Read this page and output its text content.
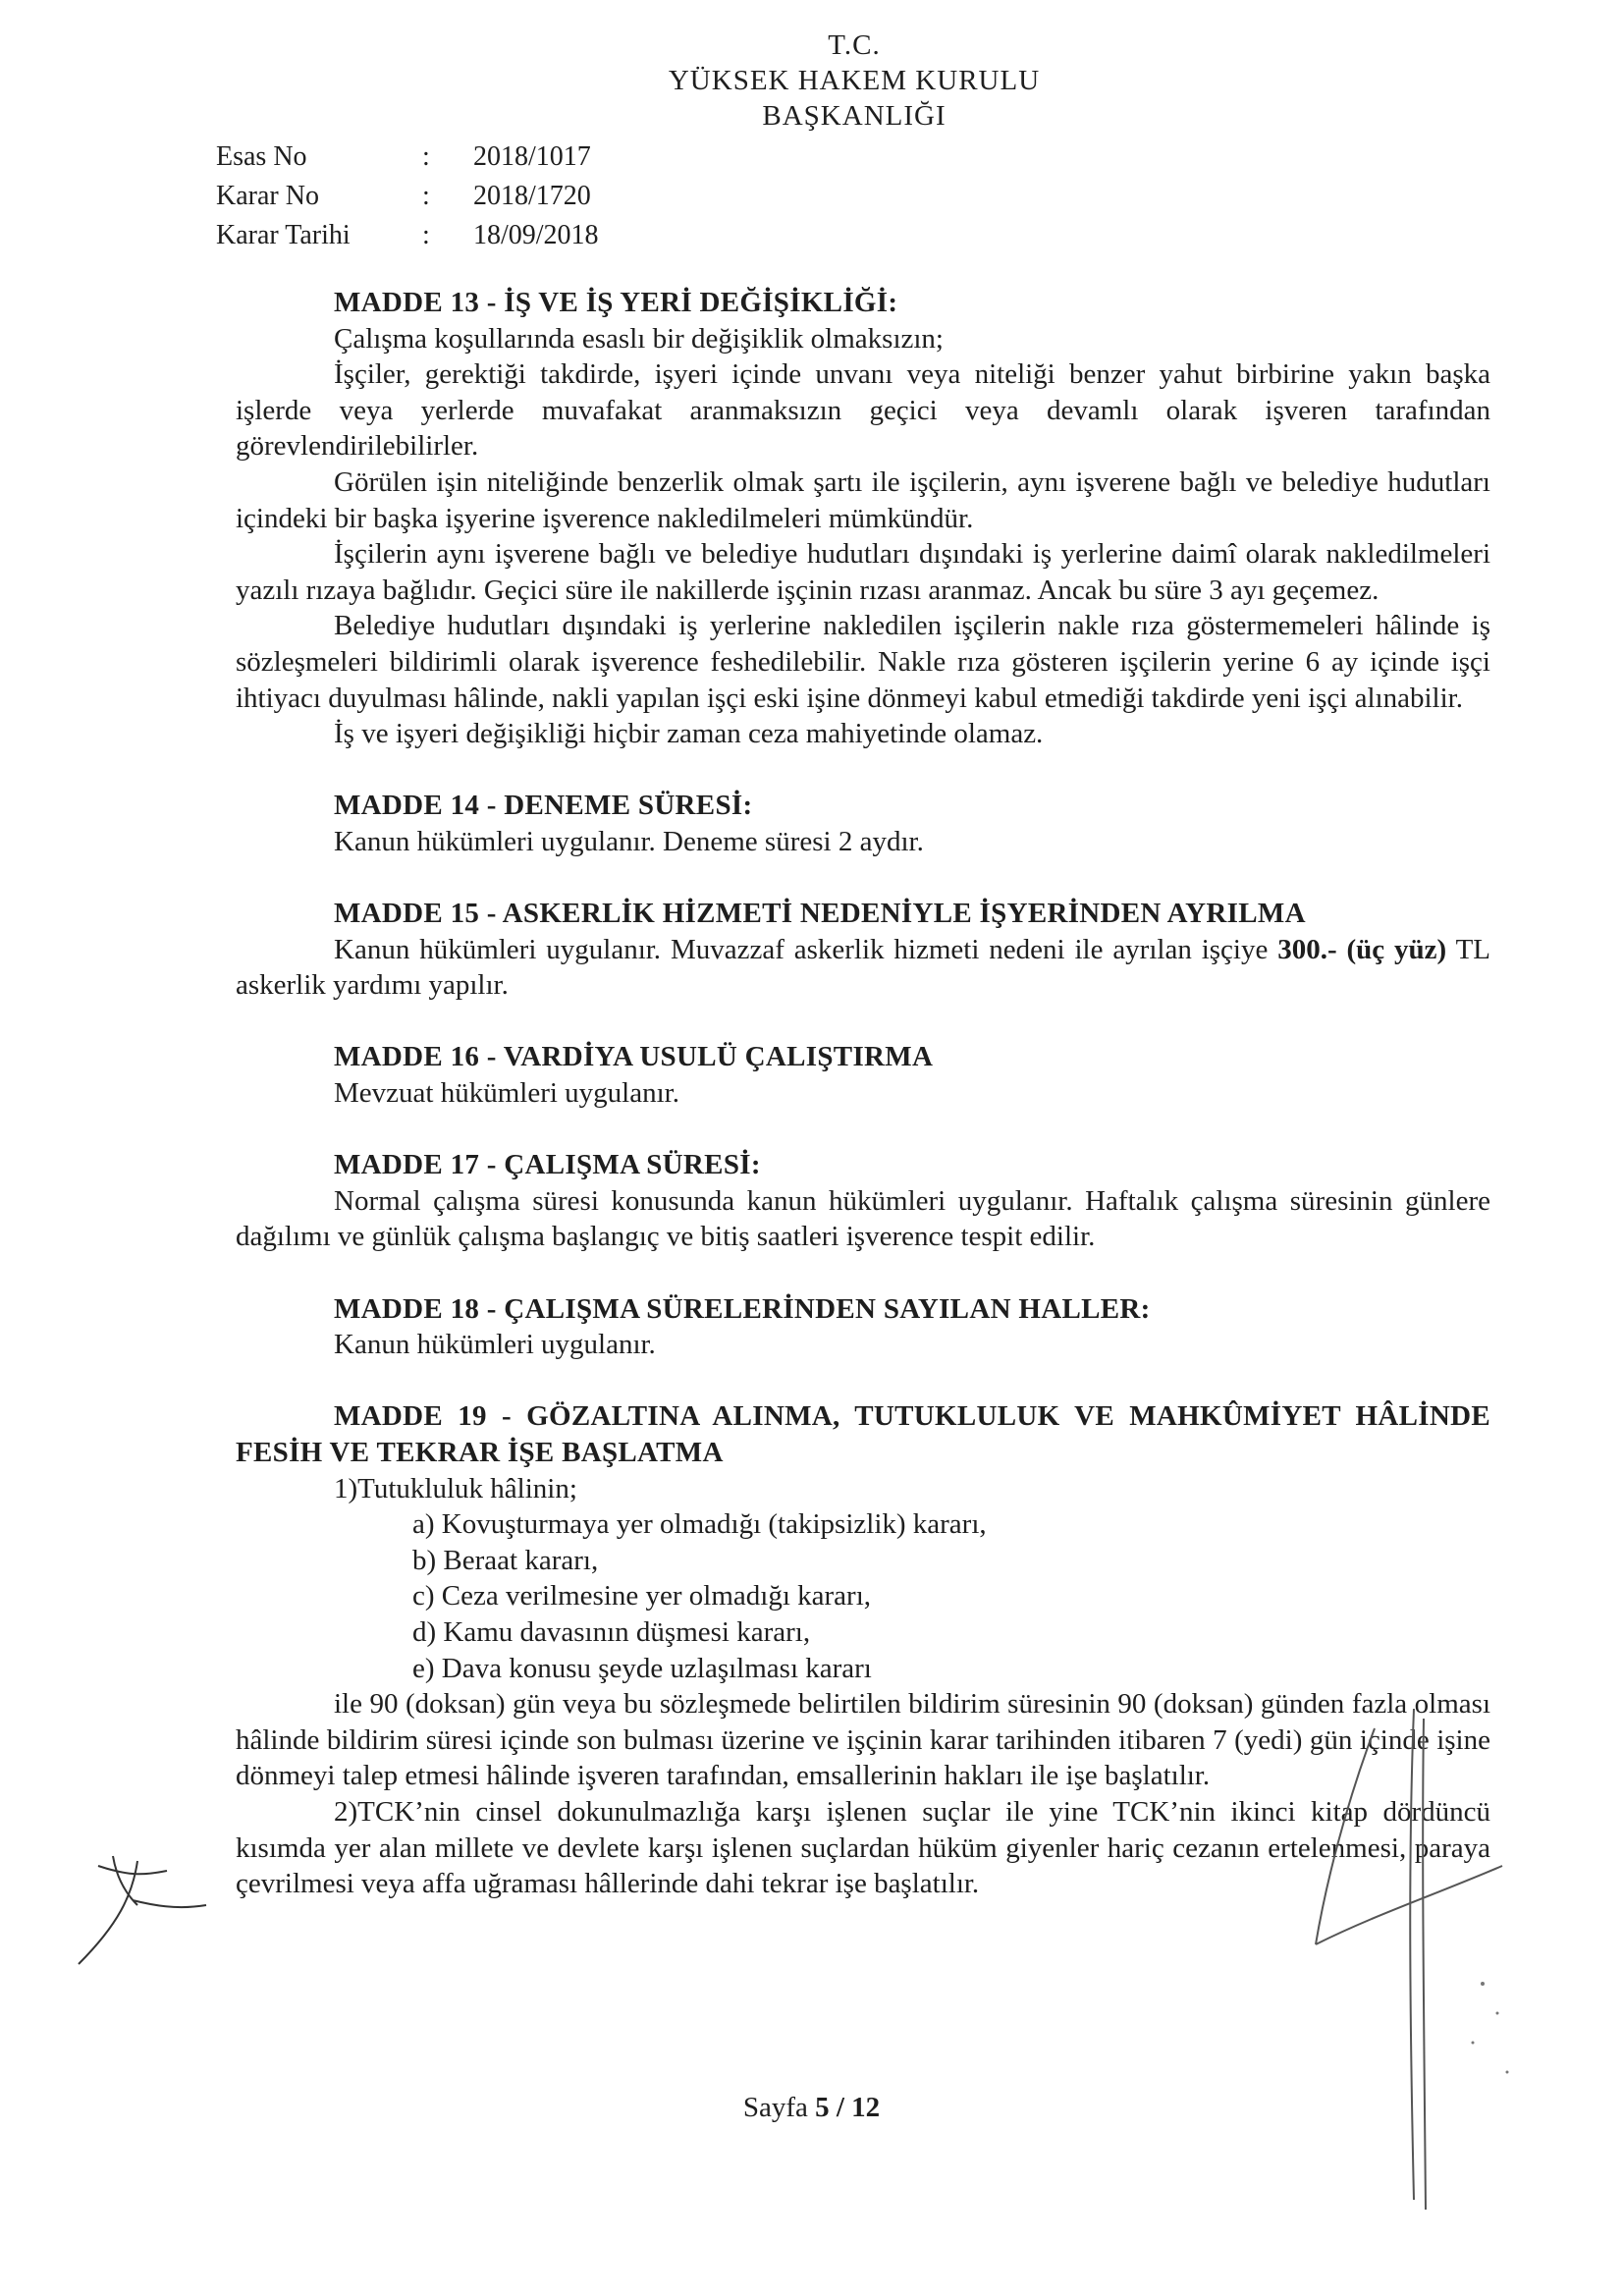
T.C.
YÜKSEK HAKEM KURULU
BAŞKANLIĞI
Esas No	:	2018/1017
Karar No	:	2018/1720
Karar Tarihi	:	18/09/2018
MADDE 13 - İŞ VE İŞ YERİ DEĞİŞİKLİĞİ:

Çalışma koşullarında esaslı bir değişiklik olmaksızın;

İşçiler, gerektiği takdirde, işyeri içinde unvanı veya niteliği benzer yahut birbirine yakın başka işlerde veya yerlerde muvafakat aranmaksızın geçici veya devamlı olarak işveren tarafından görevlendirilebilirler.

Görülen işin niteliğinde benzerlik olmak şartı ile işçilerin, aynı işverene bağlı ve belediye hudutları içindeki bir başka işyerine işverence nakledilmeleri mümkündür.

İşçilerin aynı işverene bağlı ve belediye hudutları dışındaki iş yerlerine daimî olarak nakledilmeleri yazılı rızaya bağlıdır. Geçici süre ile nakillerde işçinin rızası aranmaz. Ancak bu süre 3 ayı geçemez.

Belediye hudutları dışındaki iş yerlerine nakledilen işçilerin nakle rıza göstermemeleri hâlinde iş sözleşmeleri bildirimli olarak işverence feshedilebilir. Nakle rıza gösteren işçilerin yerine 6 ay içinde işçi ihtiyacı duyulması hâlinde, nakli yapılan işçi eski işine dönmeyi kabul etmediği takdirde yeni işçi alınabilir.

İş ve işyeri değişikliği hiçbir zaman ceza mahiyetinde olamaz.

MADDE 14 - DENEME SÜRESİ:

Kanun hükümleri uygulanır. Deneme süresi 2 aydır.

MADDE 15 - ASKERLİK HİZMETİ NEDENİYLE İŞYERİNDEN AYRILMA

Kanun hükümleri uygulanır. Muvazzaf askerlik hizmeti nedeni ile ayrılan işçiye 300.- (üç yüz) TL askerlik yardımı yapılır.

MADDE 16 - VARDİYA USULÜ ÇALIŞTIRMA

Mevzuat hükümleri uygulanır.

MADDE 17 - ÇALIŞMA SÜRESİ:

Normal çalışma süresi konusunda kanun hükümleri uygulanır. Haftalık çalışma süresinin günlere dağılımı ve günlük çalışma başlangıç ve bitiş saatleri işverence tespit edilir.

MADDE 18 - ÇALIŞMA SÜRELERİNDEN SAYILAN HALLER:

Kanun hükümleri uygulanır.

MADDE 19 - GÖZALTINA ALINMA, TUTUKLULUK VE MAHKÛMİYET HÂLİNDE FESİH VE TEKRAR İŞE BAŞLATMA

1)Tutukluluk hâlinin;

a) Kovuşturmaya yer olmadığı (takipsizlik) kararı,
b) Beraat kararı,
c) Ceza verilmesine yer olmadığı kararı,
d) Kamu davasının düşmesi kararı,
e) Dava konusu şeyde uzlaşılması kararı

ile 90 (doksan) gün veya bu sözleşmede belirtilen bildirim süresinin 90 (doksan) günden fazla olması hâlinde bildirim süresi içinde son bulması üzerine ve işçinin karar tarihinden itibaren 7 (yedi) gün içinde işine dönmeyi talep etmesi hâlinde işveren tarafından, emsallerinin hakları ile işe başlatılır.

2)TCK’nin cinsel dokunulmazlığa karşı işlenen suçlar ile yine TCK’nin ikinci kitap dördüncü kısımda yer alan millete ve devlete karşı işlenen suçlardan hüküm giyenler hariç cezanın ertelenmesi, paraya çevrilmesi veya affa uğraması hâllerinde dahi tekrar işe başlatılır.

Sayfa 5 / 12
